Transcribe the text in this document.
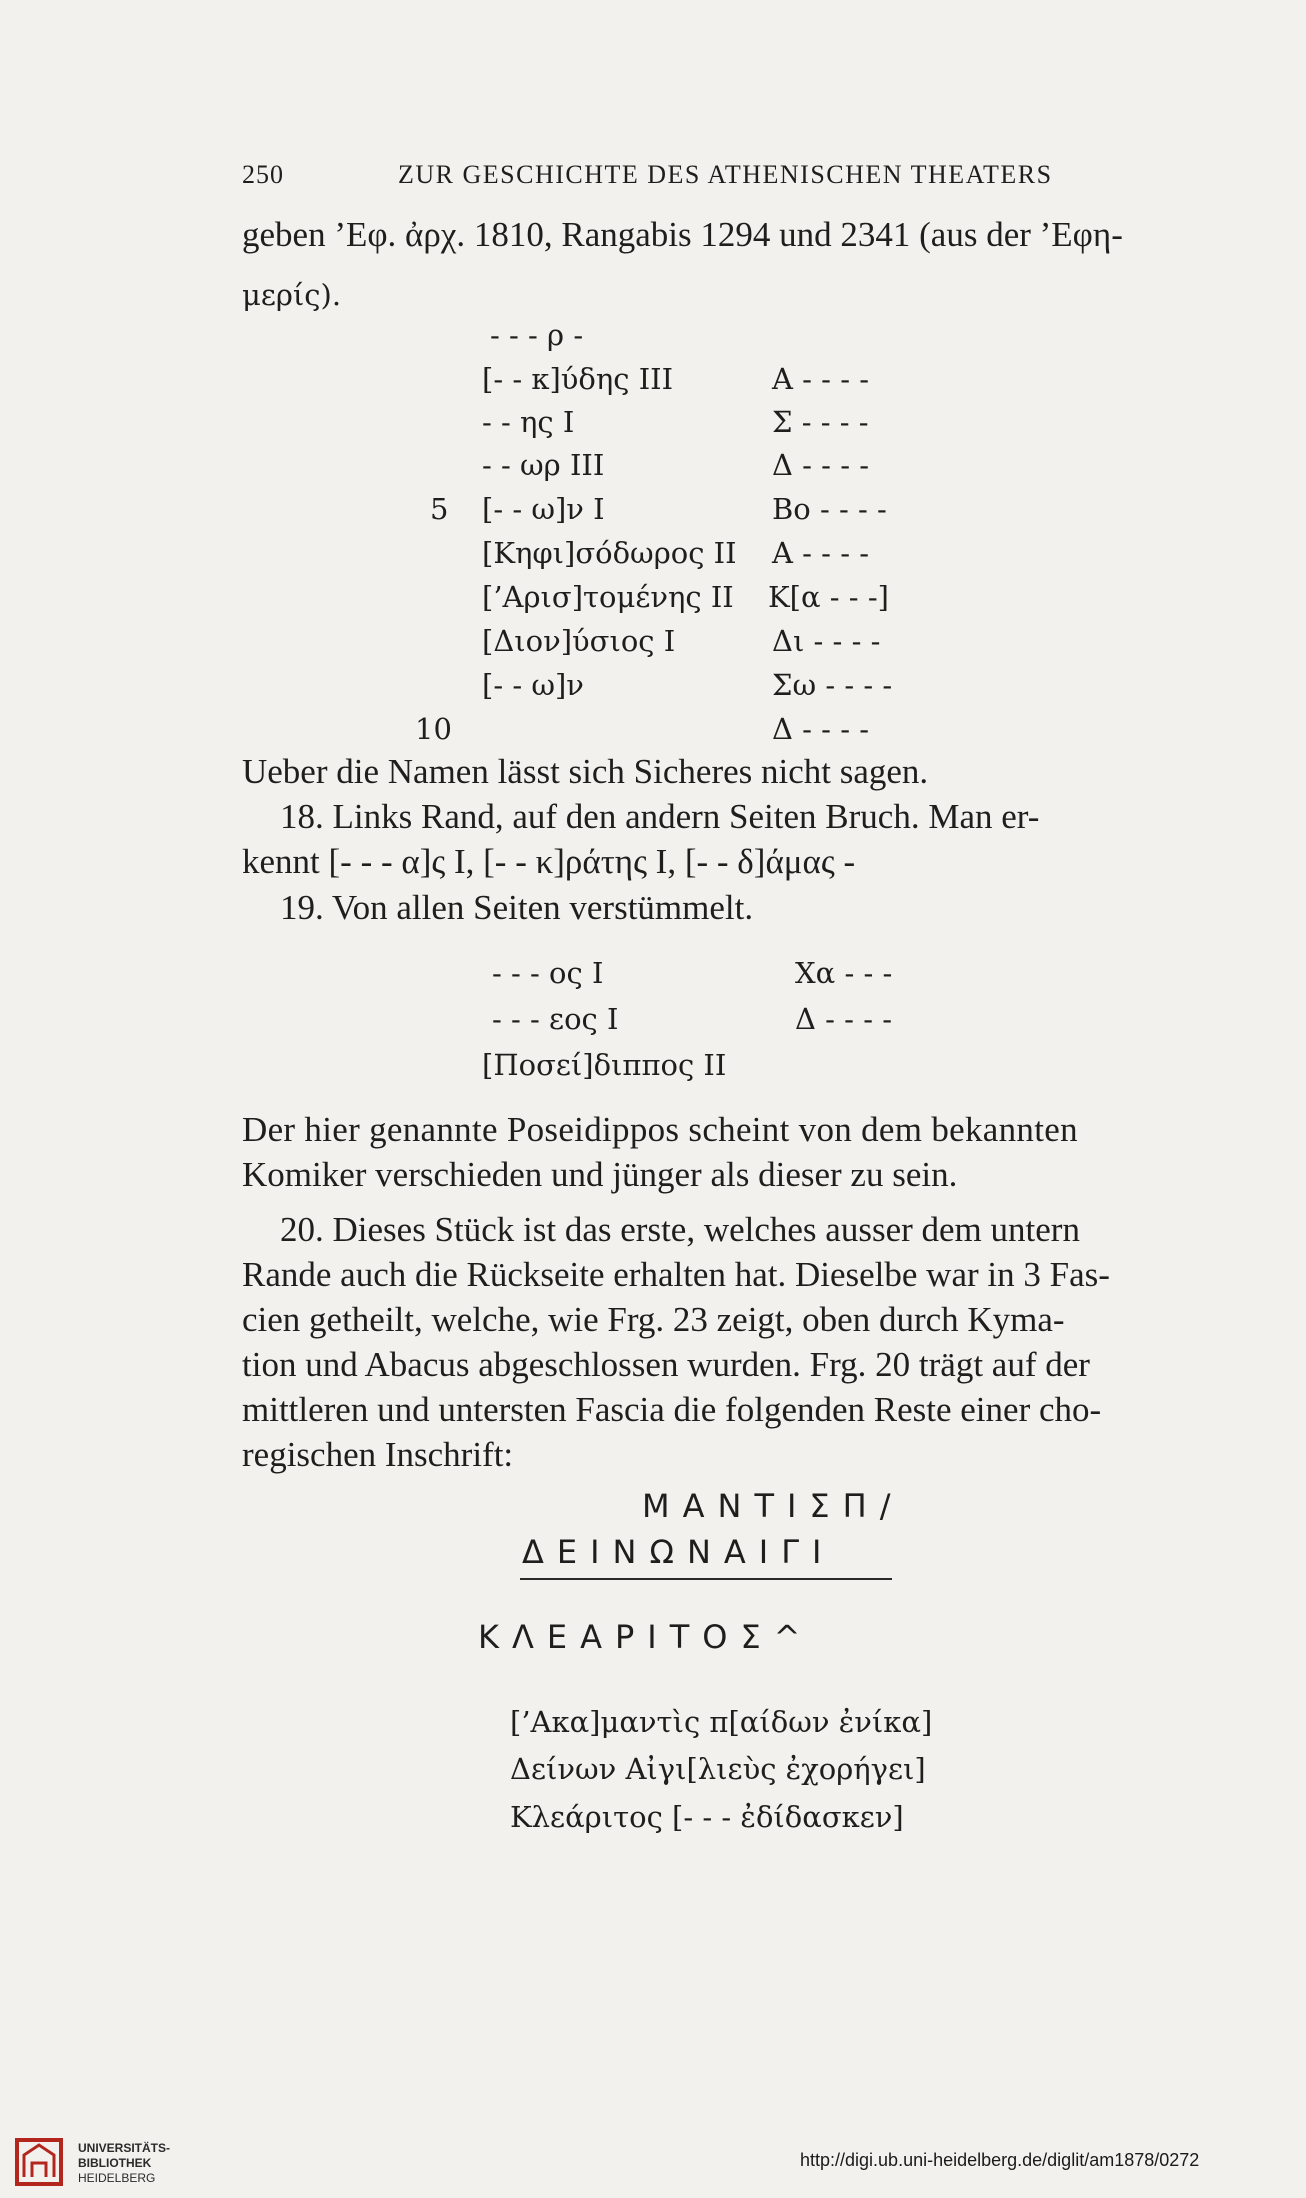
250	ZUR GESCHICHTE DES ATHENISCHEN THEATERS
geben ’Εφ. ἀρχ. 1810, Rangabis 1294 und 2341 (aus der ’Εφη-
μερίς).
- - - ρ -
[- - κ]ύδης III
- - ης I
- - ωρ III
5 [- - ω]ν I
[Κηφι]σόδωρος II
[’Αρισ]τομένης II
[Διον]ύσιος I
[- - ω]ν
10
Α - - - -
Σ - - - -
Δ - - - -
Βο - - - -
Α - - - -
Κ[α - - -]
Δι - - - -
Σω - - - -
Δ - - - -
Ueber die Namen lässt sich Sicheres nicht sagen.
18. Links Rand, auf den andern Seiten Bruch. Man er-
kennt [- - - α]ς I, [- - κ]ράτης I, [- - δ]άμας -
19. Von allen Seiten verstümmelt.
- - - ος I
- - - εος I
[Ποσεί]διππος II
Χα - - -
Δ - - - -
Der hier genannte Poseidippos scheint von dem bekannten
Komiker verschieden und jünger als dieser zu sein.
20. Dieses Stück ist das erste, welches ausser dem untern
Rande auch die Rückseite erhalten hat. Dieselbe war in 3 Fas-
cien getheilt, welche, wie Frg. 23 zeigt, oben durch Kyma-
tion und Abacus abgeschlossen wurden. Frg. 20 trägt auf der
mittleren und untersten Fascia die folgenden Reste einer cho-
regischen Inschrift:
ΜΑΝΤΙΣΠ/
ΔΕΙΝΩΝΑΙΓΙ
ΚΛΕΑΡΙΤΟΣ^
[’Ακα]μαντὶς π[αίδων ἐνίκα]
Δείνων Αἰγι[λιεὺς ἐχορήγει]
Κλεάριτος [- - - ἐδίδασκεν]
UNIVERSITÄTS-
BIBLIOTHEK
HEIDELBERG
http://digi.ub.uni-heidelberg.de/diglit/am1878/0272
